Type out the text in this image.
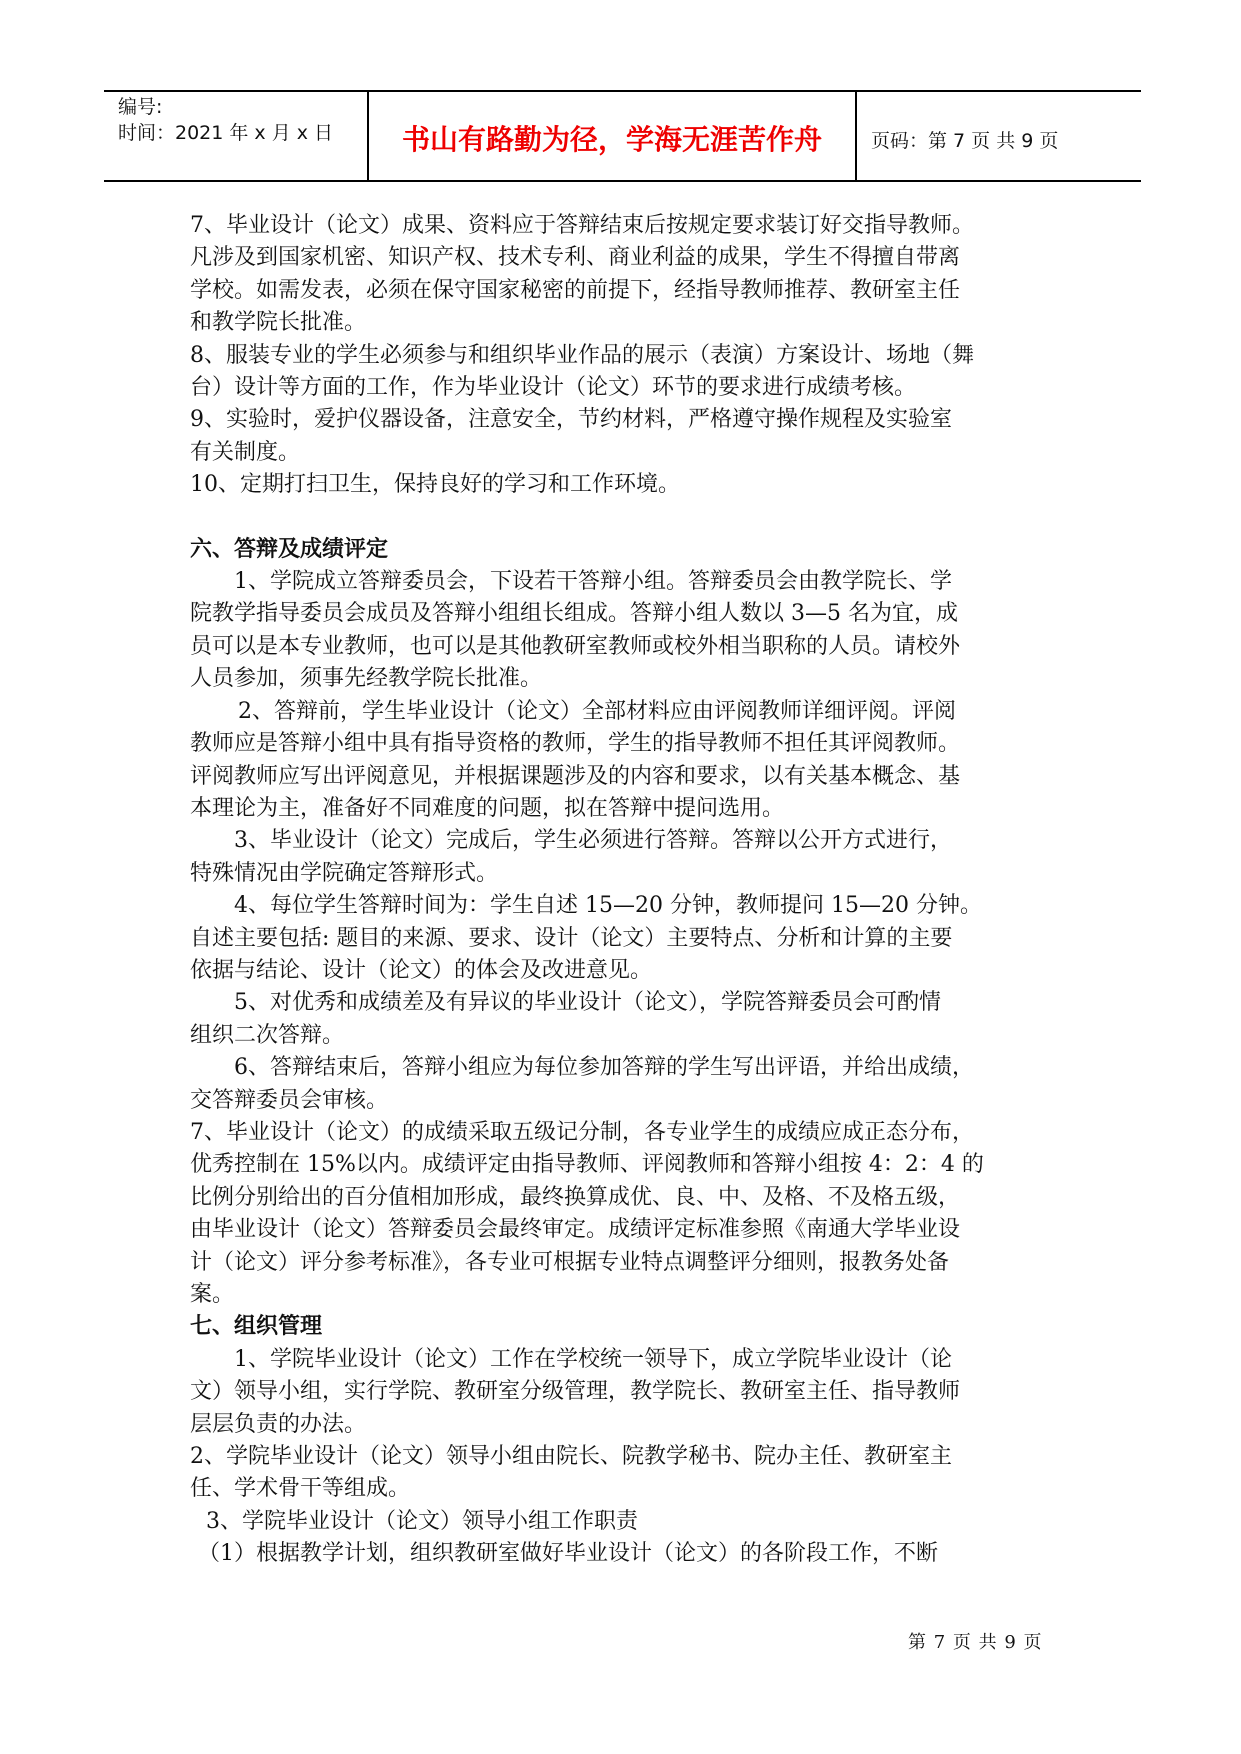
编号:
时间：2021 年 x 月 x 日	书山有路勤为径，学海无涯苦作舟	页码：第 7 页 共 9 页
7、毕业设计（论文）成果、资料应于答辩结束后按规定要求装订好交指导教师。
凡涉及到国家机密、知识产权、技术专利、商业利益的成果，学生不得擅自带离
学校。如需发表，必须在保守国家秘密的前提下，经指导教师推荐、教研室主任
和教学院长批准。
8、服装专业的学生必须参与和组织毕业作品的展示（表演）方案设计、场地（舞
台）设计等方面的工作，作为毕业设计（论文）环节的要求进行成绩考核。
9、实验时，爱护仪器设备，注意安全，节约材料，严格遵守操作规程及实验室
有关制度。
10、定期打扫卫生，保持良好的学习和工作环境。
六、答辩及成绩评定
1、学院成立答辩委员会，下设若干答辩小组。答辩委员会由教学院长、学
院教学指导委员会成员及答辩小组组长组成。答辩小组人数以 3—5 名为宜，成
员可以是本专业教师，也可以是其他教研室教师或校外相当职称的人员。请校外
人员参加，须事先经教学院长批准。
2、答辩前，学生毕业设计（论文）全部材料应由评阅教师详细评阅。评阅
教师应是答辩小组中具有指导资格的教师，学生的指导教师不担任其评阅教师。
评阅教师应写出评阅意见，并根据课题涉及的内容和要求，以有关基本概念、基
本理论为主，准备好不同难度的问题，拟在答辩中提问选用。
3、毕业设计（论文）完成后，学生必须进行答辩。答辩以公开方式进行，
特殊情况由学院确定答辩形式。
4、每位学生答辩时间为：学生自述 15—20 分钟，教师提问 15—20 分钟。
自述主要包括: 题目的来源、要求、设计（论文）主要特点、分析和计算的主要
依据与结论、设计（论文）的体会及改进意见。
5、对优秀和成绩差及有异议的毕业设计（论文），学院答辩委员会可酌情
组织二次答辩。
6、答辩结束后，答辩小组应为每位参加答辩的学生写出评语，并给出成绩，
交答辩委员会审核。
7、毕业设计（论文）的成绩采取五级记分制，各专业学生的成绩应成正态分布，
优秀控制在 15%以内。成绩评定由指导教师、评阅教师和答辩小组按 4：2：4 的
比例分别给出的百分值相加形成，最终换算成优、良、中、及格、不及格五级，
由毕业设计（论文）答辩委员会最终审定。成绩评定标准参照《南通大学毕业设
计（论文）评分参考标准》，各专业可根据专业特点调整评分细则，报教务处备
案。
七、组织管理
1、学院毕业设计（论文）工作在学校统一领导下，成立学院毕业设计（论
文）领导小组，实行学院、教研室分级管理，教学院长、教研室主任、指导教师
层层负责的办法。
2、学院毕业设计（论文）领导小组由院长、院教学秘书、院办主任、教研室主
任、学术骨干等组成。
3、学院毕业设计（论文）领导小组工作职责
（1）根据教学计划，组织教研室做好毕业设计（论文）的各阶段工作，不断
第 7 页 共 9 页
